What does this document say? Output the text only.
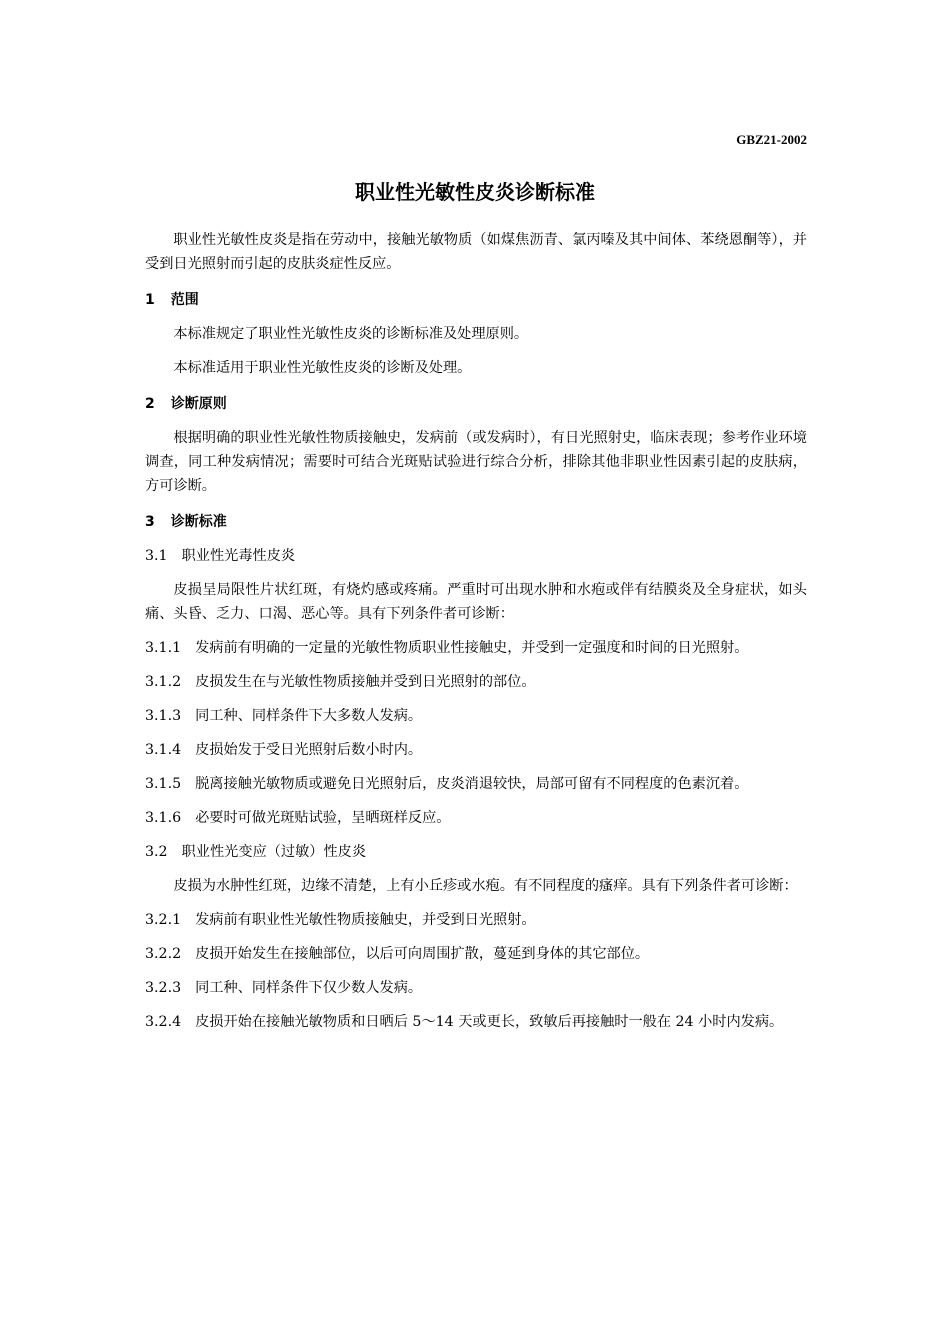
GBZ21-2002
职业性光敏性皮炎诊断标准

职业性光敏性皮炎是指在劳动中，接触光敏物质（如煤焦沥青、氯丙嗪及其中间体、苯绕恩酮等），并受到日光照射而引起的皮肤炎症性反应。

1 范围

本标准规定了职业性光敏性皮炎的诊断标准及处理原则。

本标准适用于职业性光敏性皮炎的诊断及处理。

2 诊断原则

根据明确的职业性光敏性物质接触史，发病前（或发病时），有日光照射史，临床表现；参考作业环境调查，同工种发病情况；需要时可结合光斑贴试验进行综合分析，排除其他非职业性因素引起的皮肤病，方可诊断。

3 诊断标准

3.1 职业性光毒性皮炎

皮损呈局限性片状红斑，有烧灼感或疼痛。严重时可出现水肿和水疱或伴有结膜炎及全身症状，如头痛、头昏、乏力、口渴、恶心等。具有下列条件者可诊断：

3.1.1 发病前有明确的一定量的光敏性物质职业性接触史，并受到一定强度和时间的日光照射。

3.1.2 皮损发生在与光敏性物质接触并受到日光照射的部位。

3.1.3 同工种、同样条件下大多数人发病。

3.1.4 皮损始发于受日光照射后数小时内。

3.1.5 脱离接触光敏物质或避免日光照射后，皮炎消退较快，局部可留有不同程度的色素沉着。

3.1.6 必要时可做光斑贴试验，呈晒斑样反应。

3.2 职业性光变应（过敏）性皮炎

皮损为水肿性红斑，边缘不清楚，上有小丘疹或水疱。有不同程度的瘙痒。具有下列条件者可诊断：

3.2.1 发病前有职业性光敏性物质接触史，并受到日光照射。

3.2.2 皮损开始发生在接触部位，以后可向周围扩散，蔓延到身体的其它部位。

3.2.3 同工种、同样条件下仅少数人发病。

3.2.4 皮损开始在接触光敏物质和日晒后 5～14 天或更长，致敏后再接触时一般在 24 小时内发病。
